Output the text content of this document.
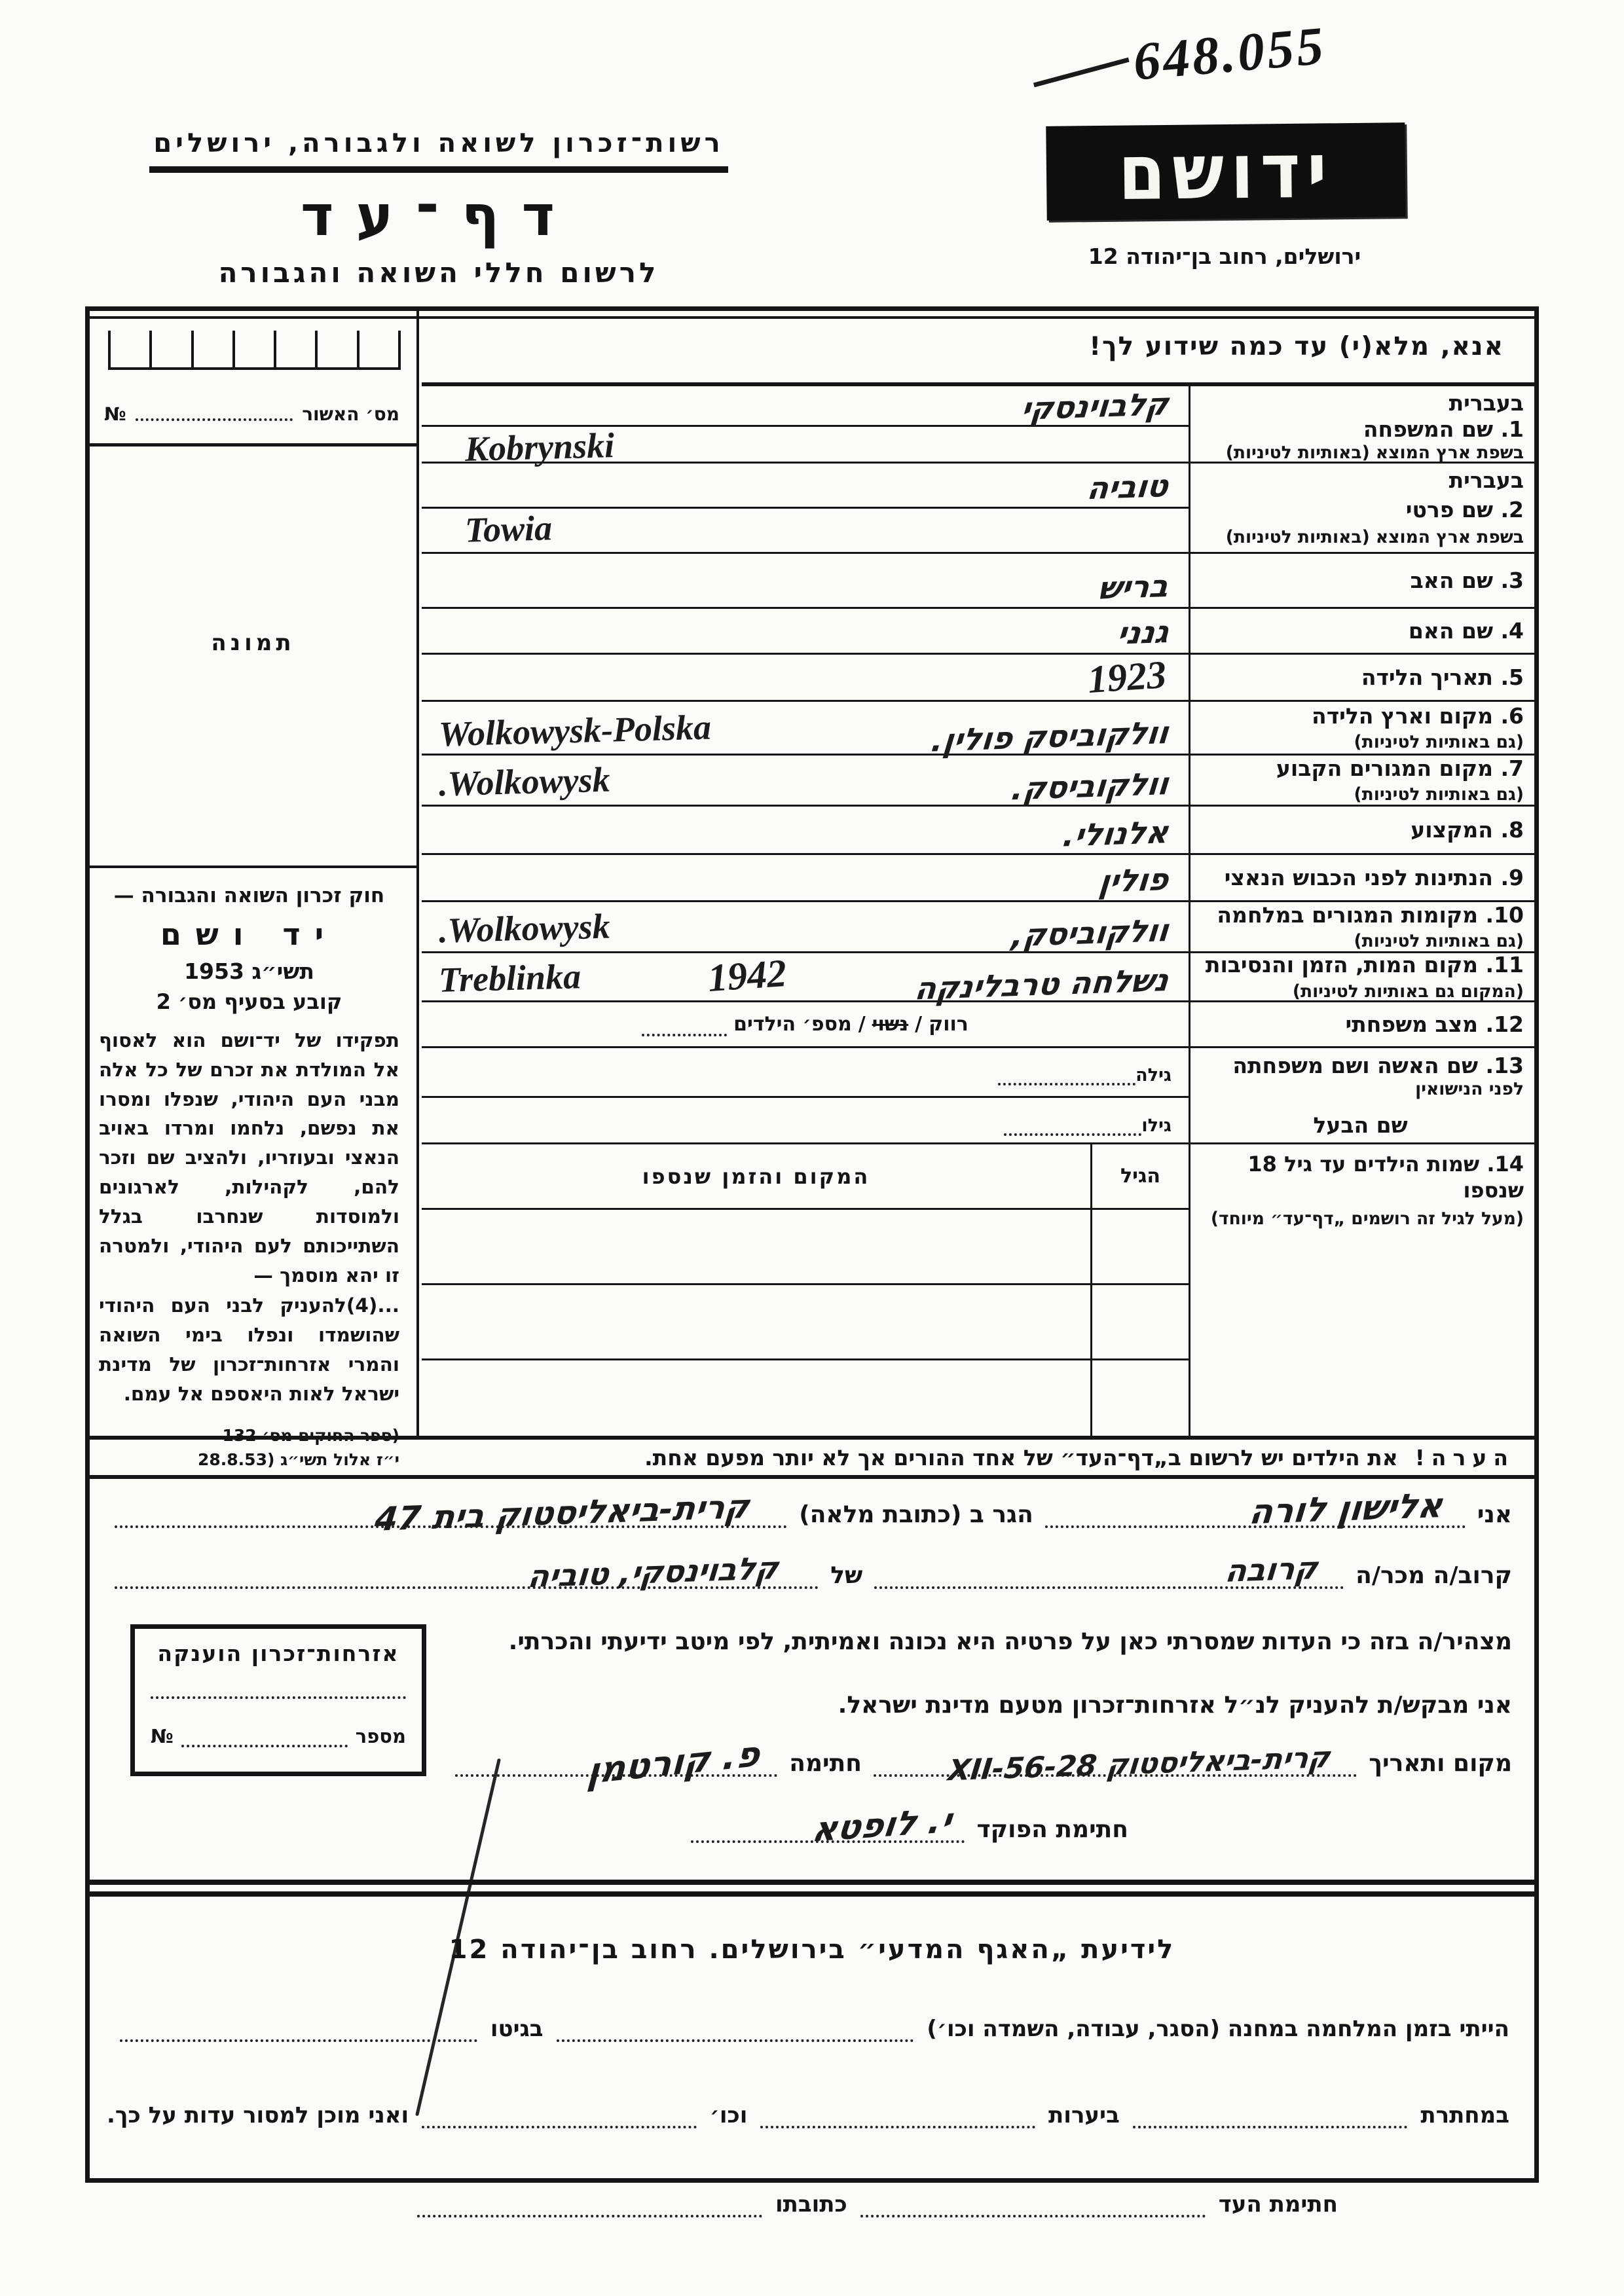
648.055
רשות־זכרון לשואה ולגבורה, ירושלים
דף־עד
לרשום חללי השואה והגבורה
ידושם
ירושלים, רחוב בן־יהודה 12
מס׳ האשור
№
תמונה
חוק זכרון השואה והגבורה —
יד ושם
תשי״ג 1953
קובע בסעיף מס׳ 2
תפקידו של יד־ושם הוא לאסוף אל המולדת את זכרם של כל אלה מבני העם היהודי, שנפלו ומסרו את נפשם, נלחמו ומרדו באויב הנאצי ובעוזריו, ולהציב שם וזכר להם, לקהילות, לארגונים ולמוסדות שנחרבו בגלל השתייכותם לעם היהודי, ולמטרה זו יהא מוסמך —
‏...(4)להעניק לבני העם היהודי שהושמדו ונפלו בימי השואה והמרי אזרחות־זכרון של מדינת ישראל לאות היאספם אל עמם.
(ספר החוקים מס׳ 132
י״ז אלול תשי״ג (28.8.53
אנא, מלא(י) עד כמה שידוע לך!
בעברית
1. שם המשפחה
בשפת ארץ המוצא (באותיות לטיניות)
קלבוינסקי
Kobrynski
בעברית
2. שם פרטי
בשפת ארץ המוצא (באותיות לטיניות)
טוביה
Towia
3. שם האב
בריש
4. שם האם
גנני
5. תאריך הלידה
1923
6. מקום וארץ הלידה
(גם באותיות לטיניות)
וולקוביסק פולין.
Wolkowysk-Polska
7. מקום המגורים הקבוע
(גם באותיות לטיניות)
וולקוביסק.
Wolkowysk.
8. המקצוע
אלנולי.
9. הנתינות לפני הכבוש הנאצי
פולין
10. מקומות המגורים במלחמה
(גם באותיות לטיניות)
וולקוביסק,
Wolkowysk.
11. מקום המות, הזמן והנסיבות
(המקום גם באותיות לטיניות)
נשלחה טרבלינקה
1942
Treblinka
12. מצב משפחתי
רווק
/
נשוי
/
מספ׳ הילדים
13. שם האשה ושם משפחתה
לפני הנישואין
שם הבעל
גילה
גילו
14. שמות הילדים עד גיל 18 שנספו
(מעל לגיל זה רושמים „דף־עד״ מיוחד)
הגיל
המקום והזמן שנספו
הערה!
את הילדים יש לרשום ב„דף־העד״ של אחד ההורים אך לא יותר מפעם אחת.
אני
אלישון לורה
הגר ב (כתובת מלאה)
קרית-ביאליסטוק בית 47
קרוב/ה מכר/ה
קרובה
של
קלבוינסקי, טוביה
מצהיר/ה בזה כי העדות שמסרתי כאן על פרטיה היא נכונה ואמיתית, לפי מיטב ידיעתי והכרתי.
אני מבקש/ת להעניק לנ״ל אזרחות־זכרון מטעם מדינת ישראל.
מקום ותאריך
קרית-ביאליסטוק 28-XII-56
חתימה
פ. קורטמן
חתימת הפוקד
י. לופטא
אזרחות־זכרון הוענקה
מספר
№
לידיעת „האגף המדעי״ בירושלים. רחוב בן־יהודה 12
הייתי בזמן המלחמה במחנה (הסגר, עבודה, השמדה וכו׳)
בגיטו
במחתרת
ביערות
וכו׳
ואני מוכן למסור עדות על כך.
חתימת העד
כתובתו
